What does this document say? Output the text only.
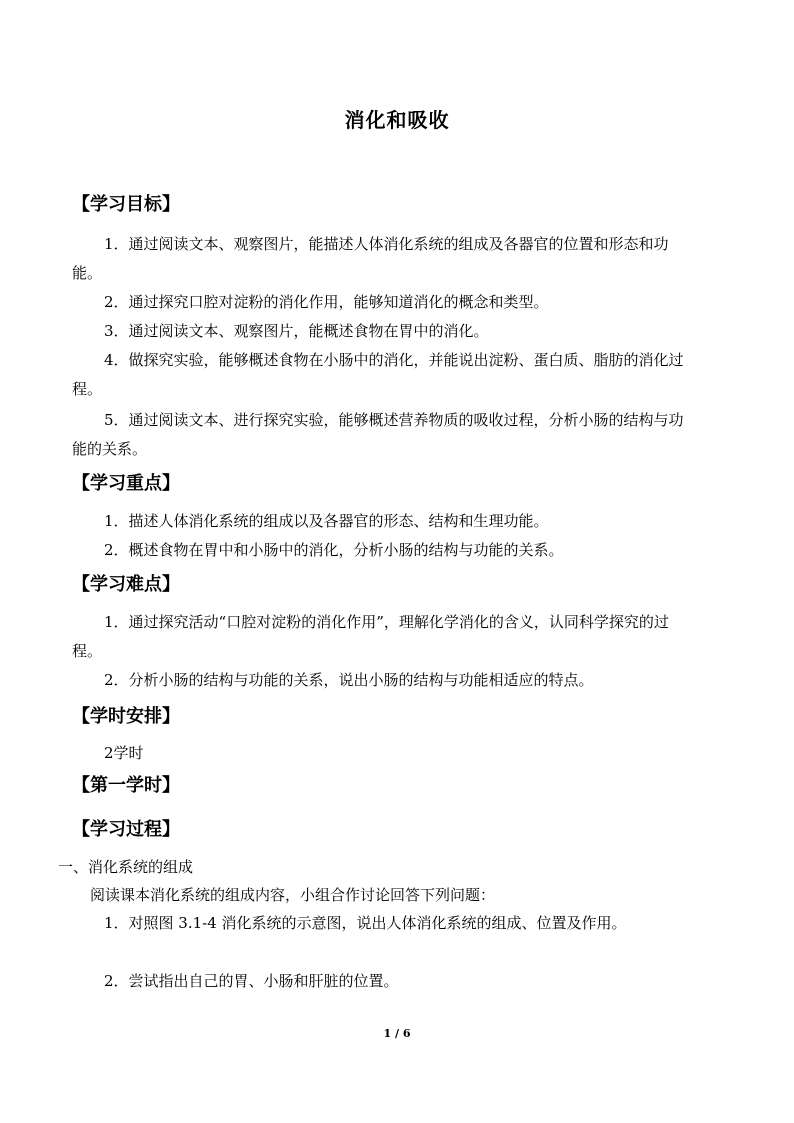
消化和吸收
【学习目标】
1．通过阅读文本、观察图片，能描述人体消化系统的组成及各器官的位置和形态和功
能。
2．通过探究口腔对淀粉的消化作用，能够知道消化的概念和类型。
3．通过阅读文本、观察图片，能概述食物在胃中的消化。
4．做探究实验，能够概述食物在小肠中的消化，并能说出淀粉、蛋白质、脂肪的消化过
程。
5．通过阅读文本、进行探究实验，能够概述营养物质的吸收过程，分析小肠的结构与功
能的关系。
【学习重点】
1．描述人体消化系统的组成以及各器官的形态、结构和生理功能。
2．概述食物在胃中和小肠中的消化，分析小肠的结构与功能的关系。
【学习难点】
1．通过探究活动“口腔对淀粉的消化作用”，理解化学消化的含义，认同科学探究的过
程。
2．分析小肠的结构与功能的关系，说出小肠的结构与功能相适应的特点。
【学时安排】
2学时
【第一学时】
【学习过程】
一、消化系统的组成
阅读课本消化系统的组成内容，小组合作讨论回答下列问题：
1．对照图 3.1-4 消化系统的示意图，说出人体消化系统的组成、位置及作用。
2．尝试指出自己的胃、小肠和肝脏的位置。
1 / 6
